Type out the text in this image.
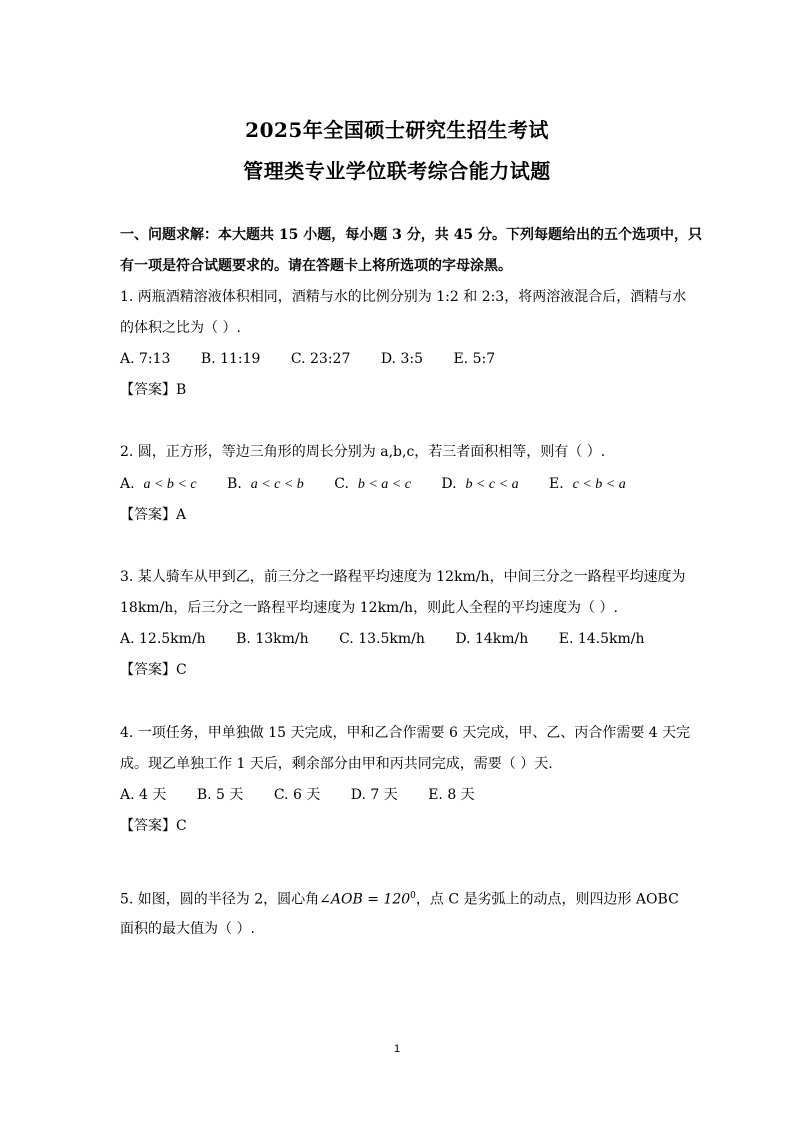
2025年全国硕士研究生招生考试
管理类专业学位联考综合能力试题
一、问题求解：本大题共 15 小题，每小题 3 分，共 45 分。下列每题给出的五个选项中，只
有一项是符合试题要求的。请在答题卡上将所选项的字母涂黑。
1. 两瓶酒精溶液体积相同，酒精与水的比例分别为 1:2 和 2:3，将两溶液混合后，酒精与水
的体积之比为（ ）.
A. 7:13 B. 11:19 C. 23:27 D. 3:5 E. 5:7
【答案】B
2. 圆，正方形，等边三角形的周长分别为 a,b,c，若三者面积相等，则有（ ）.
A. a < b < c B. a < c < b C. b < a < c D. b < c < a E. c < b < a
【答案】A
3. 某人骑车从甲到乙，前三分之一路程平均速度为 12km/h，中间三分之一路程平均速度为
18km/h，后三分之一路程平均速度为 12km/h，则此人全程的平均速度为（ ）.
A. 12.5km/h B. 13km/h C. 13.5km/h D. 14km/h E. 14.5km/h
【答案】C
4. 一项任务，甲单独做 15 天完成，甲和乙合作需要 6 天完成，甲、乙、丙合作需要 4 天完
成。现乙单独工作 1 天后，剩余部分由甲和丙共同完成，需要（ ）天.
A. 4 天 B. 5 天 C. 6 天 D. 7 天 E. 8 天
【答案】C
5. 如图，圆的半径为 2，圆心角∠AOB = $120^0$，点 C 是劣弧上的动点，则四边形 AOBC
面积的最大值为（ ）.
1
